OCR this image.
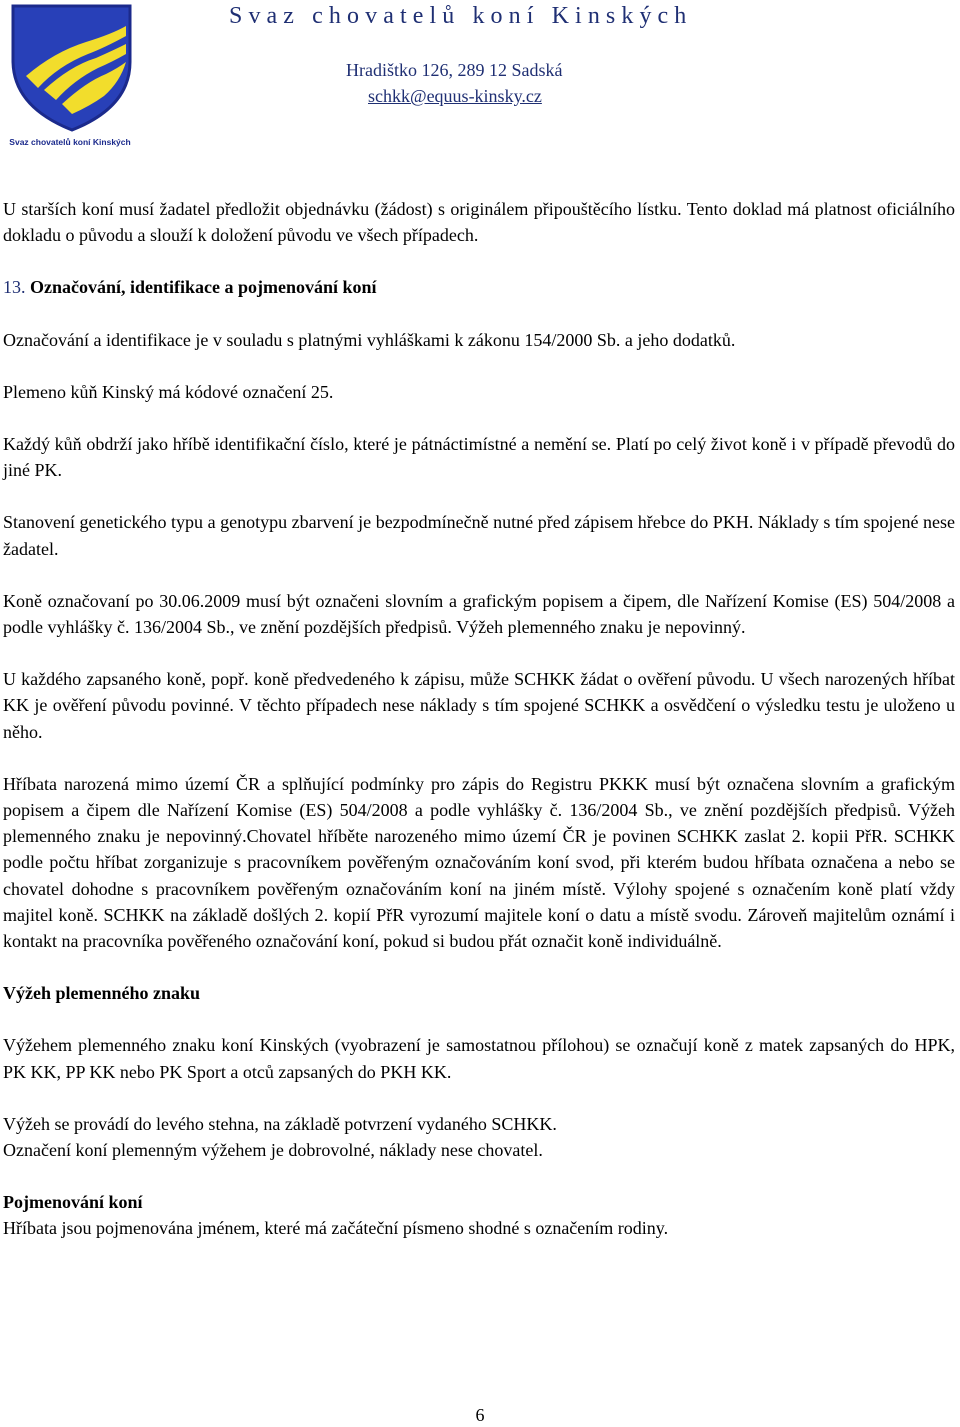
Svaz chovatelů koní Kinských
Svaz chovatelů koní Kinských
Hradištko 126, 289 12 Sadská
schkk@equus-kinsky.cz

U starších koní musí žadatel předložit objednávku (žádost) s originálem připouštěcího lístku. Tento doklad má platnost oficiálního dokladu o původu a slouží k doložení původu ve všech případech.

13. Označování, identifikace a pojmenování koní

Označování a identifikace je v souladu s platnými vyhláškami k zákonu 154/2000 Sb. a jeho dodatků.

Plemeno kůň Kinský má kódové označení 25.

Každý kůň obdrží jako hříbě identifikační číslo, které je pátnáctimístné a nemění se. Platí po celý život koně i v případě převodů do jiné PK.

Stanovení genetického typu a genotypu zbarvení je bezpodmínečně nutné před zápisem hřebce do PKH. Náklady s tím spojené nese žadatel.

Koně označovaní po 30.06.2009 musí být označeni slovním a grafickým popisem a čipem, dle Nařízení Komise (ES) 504/2008 a podle vyhlášky č. 136/2004 Sb., ve znění pozdějších předpisů. Výžeh plemenného znaku je nepovinný.

U každého zapsaného koně, popř. koně předvedeného k zápisu, může SCHKK žádat o ověření původu. U všech narozených hříbat KK je ověření původu povinné. V těchto případech nese náklady s tím spojené SCHKK a osvědčení o výsledku testu je uloženo u něho.

Hříbata narozená mimo území ČR a splňující podmínky pro zápis do Registru PKKK musí být označena slovním a grafickým popisem a čipem dle Nařízení Komise (ES) 504/2008 a podle vyhlášky č. 136/2004 Sb., ve znění pozdějších předpisů. Výžeh plemenného znaku je nepovinný.Chovatel hříběte narozeného mimo území ČR je povinen SCHKK zaslat 2. kopii PřR. SCHKK podle počtu hříbat zorganizuje s pracovníkem pověřeným označováním koní svod, při kterém budou hříbata označena a nebo se chovatel dohodne s pracovníkem pověřeným označováním koní na jiném místě. Výlohy spojené s označením koně platí vždy majitel koně. SCHKK na základě došlých 2. kopií PřR vyrozumí majitele koní o datu a místě svodu. Zároveň majitelům oznámí i kontakt na pracovníka pověřeného označování koní, pokud si budou přát označit koně individuálně.

Výžeh plemenného znaku

Výžehem plemenného znaku koní Kinských (vyobrazení je samostatnou přílohou) se označují koně z matek zapsaných do HPK, PK KK, PP KK nebo PK Sport a otců zapsaných do PKH KK.

Výžeh se provádí do levého stehna, na základě potvrzení vydaného SCHKK.

Označení koní plemenným výžehem je dobrovolné, náklady nese chovatel.

Pojmenování koní

Hříbata jsou pojmenována jménem, které má začáteční písmeno shodné s označením rodiny.

6
